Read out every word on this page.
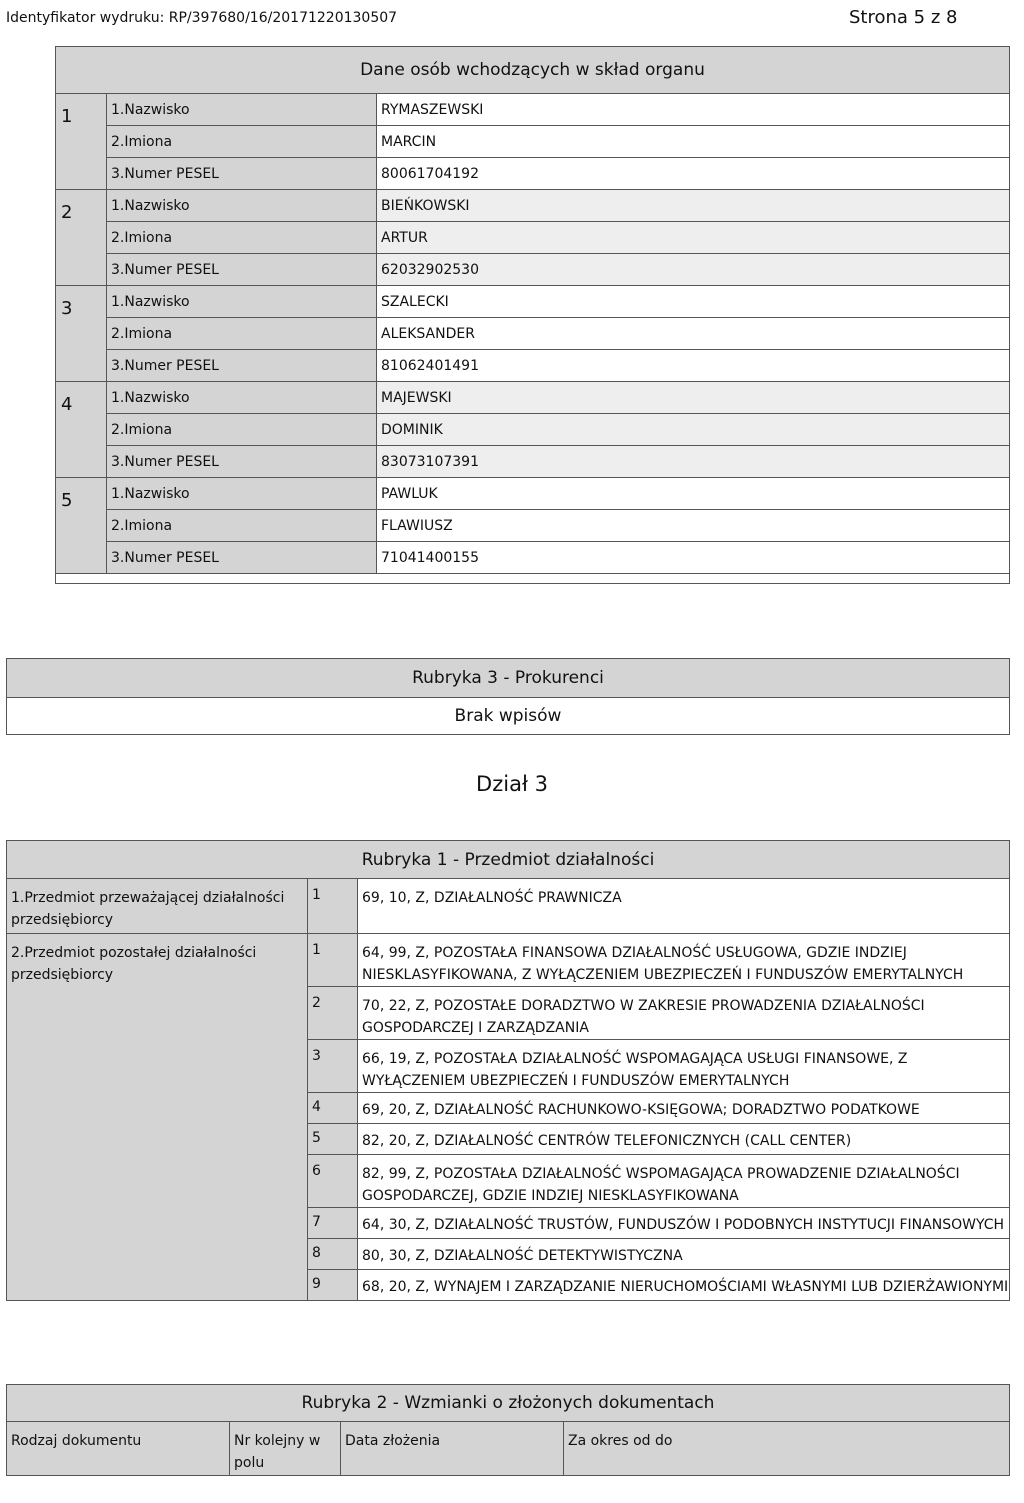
Identyfikator wydruku: RP/397680/16/20171220130507	Strona 5 z 8
Dane osób wchodzących w skład organu		
1	1.Nazwisko	RYMASZEWSKI
	2.Imiona	MARCIN
	3.Numer PESEL	80061704192
2	1.Nazwisko	BIEŃKOWSKI
	2.Imiona	ARTUR
	3.Numer PESEL	62032902530
3	1.Nazwisko	SZALECKI
	2.Imiona	ALEKSANDER
	3.Numer PESEL	81062401491
4	1.Nazwisko	MAJEWSKI
	2.Imiona	DOMINIK
	3.Numer PESEL	83073107391
5	1.Nazwisko	PAWLUK
	2.Imiona	FLAWIUSZ
	3.Numer PESEL	71041400155

Rubryka 3 - Prokurenci
Brak wpisów
Dział 3
Rubryka 1 - Przedmiot działalności		
1.Przedmiot przeważającej działalności przedsiębiorcy	1	69, 10, Z, DZIAŁALNOŚĆ PRAWNICZA
2.Przedmiot pozostałej działalności przedsiębiorcy	1	64, 99, Z, POZOSTAŁA FINANSOWA DZIAŁALNOŚĆ USŁUGOWA, GDZIE INDZIEJ NIESKLASYFIKOWANA, Z WYŁĄCZENIEM UBEZPIECZEŃ I FUNDUSZÓW EMERYTALNYCH
	2	70, 22, Z, POZOSTAŁE DORADZTWO W ZAKRESIE PROWADZENIA DZIAŁALNOŚCI GOSPODARCZEJ I ZARZĄDZANIA
	3	66, 19, Z, POZOSTAŁA DZIAŁALNOŚĆ WSPOMAGAJĄCA USŁUGI FINANSOWE, Z WYŁĄCZENIEM UBEZPIECZEŃ I FUNDUSZÓW EMERYTALNYCH
	4	69, 20, Z, DZIAŁALNOŚĆ RACHUNKOWO-KSIĘGOWA; DORADZTWO PODATKOWE
	5	82, 20, Z, DZIAŁALNOŚĆ CENTRÓW TELEFONICZNYCH (CALL CENTER)
	6	82, 99, Z, POZOSTAŁA DZIAŁALNOŚĆ WSPOMAGAJĄCA PROWADZENIE DZIAŁALNOŚCI GOSPODARCZEJ, GDZIE INDZIEJ NIESKLASYFIKOWANA
	7	64, 30, Z, DZIAŁALNOŚĆ TRUSTÓW, FUNDUSZÓW I PODOBNYCH INSTYTUCJI FINANSOWYCH
	8	80, 30, Z, DZIAŁALNOŚĆ DETEKTYWISTYCZNA
	9	68, 20, Z, WYNAJEM I ZARZĄDZANIE NIERUCHOMOŚCIAMI WŁASNYMI LUB DZIERŻAWIONYMI
Rubryka 2 - Wzmianki o złożonych dokumentach
Rodzaj dokumentu	Nr kolejny w polu	Data złożenia	Za okres od do
